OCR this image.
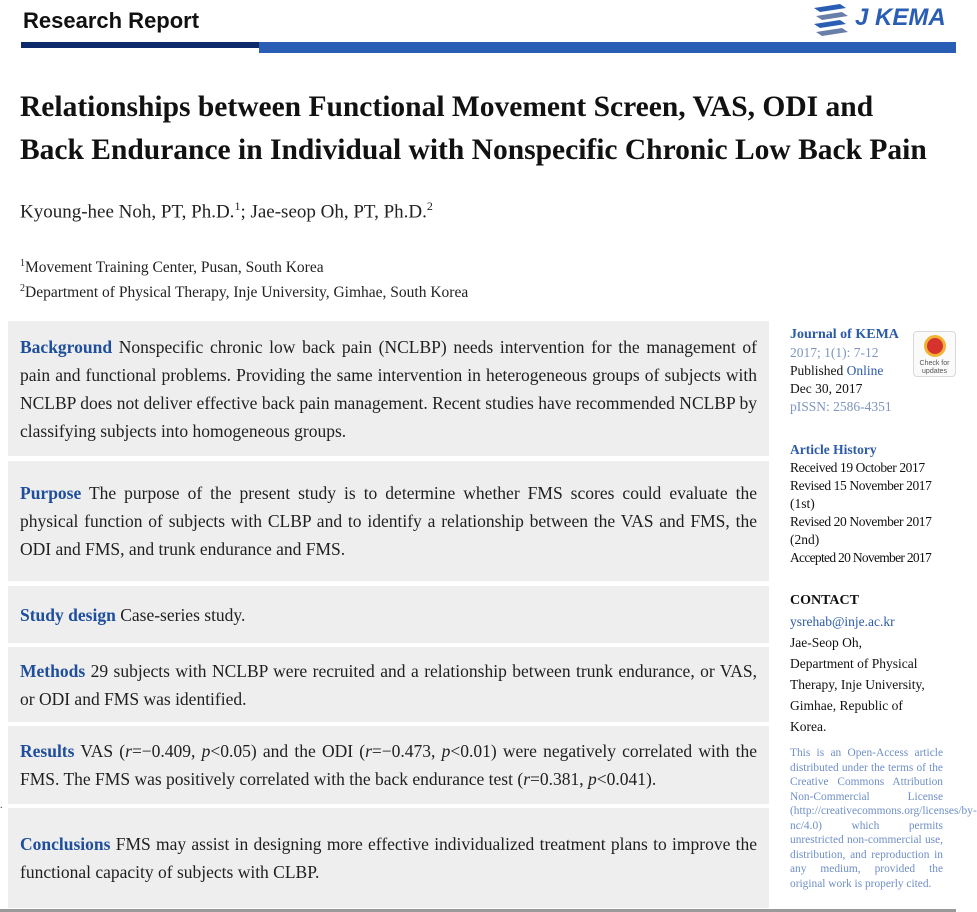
Research Report	J KEMA
Relationships between Functional Movement Screen, VAS, ODI and
Back Endurance in Individual with Nonspecific Chronic Low Back Pain
Kyoung-hee Noh, PT, Ph.D.$^1$; Jae-seop Oh, PT, Ph.D.$^2$
$^1$Movement Training Center, Pusan, South Korea
$^2$Department of Physical Therapy, Inje University, Gimhae, South Korea
Background Nonspecific chronic low back pain (NCLBP) needs intervention for the management of pain and functional problems. Providing the same intervention in heterogeneous groups of subjects with NCLBP does not deliver effective back pain management. Recent studies have recommended NCLBP by classifying subjects into homogeneous groups.
Purpose The purpose of the present study is to determine whether FMS scores could evaluate the physical function of subjects with CLBP and to identify a relationship between the VAS and FMS, the ODI and FMS, and trunk endurance and FMS.
Study design Case-series study.
Methods 29 subjects with NCLBP were recruited and a relationship between trunk endurance, or VAS, or ODI and FMS was identified.
Results VAS (r=−0.409, p<0.05) and the ODI (r=−0.473, p<0.01) were negatively correlated with the FMS. The FMS was positively correlated with the back endurance test (r=0.381, p<0.041).
Conclusions FMS may assist in designing more effective individualized treatment plans to improve the functional capacity of subjects with CLBP.
.
Check for updates
Journal of KEMA
2017; 1(1): 7-12
Published Online
Dec 30, 2017
pISSN: 2586-4351
Article History
Received 19 October 2017
Revised 15 November 2017
(1st)
Revised 20 November 2017
(2nd)
Accepted 20 November 2017
CONTACT
ysrehab@inje.ac.kr
Jae-Seop Oh,
Department of Physical
Therapy, Inje University,
Gimhae, Republic of
Korea.
This is an Open-Access article distributed under the terms of the Creative Commons Attribution Non-Commercial License (http://creativecommons.org/licenses/by-nc/4.0) which permits unrestricted non-commercial use, distribution, and reproduction in any medium, provided the original work is properly cited.
